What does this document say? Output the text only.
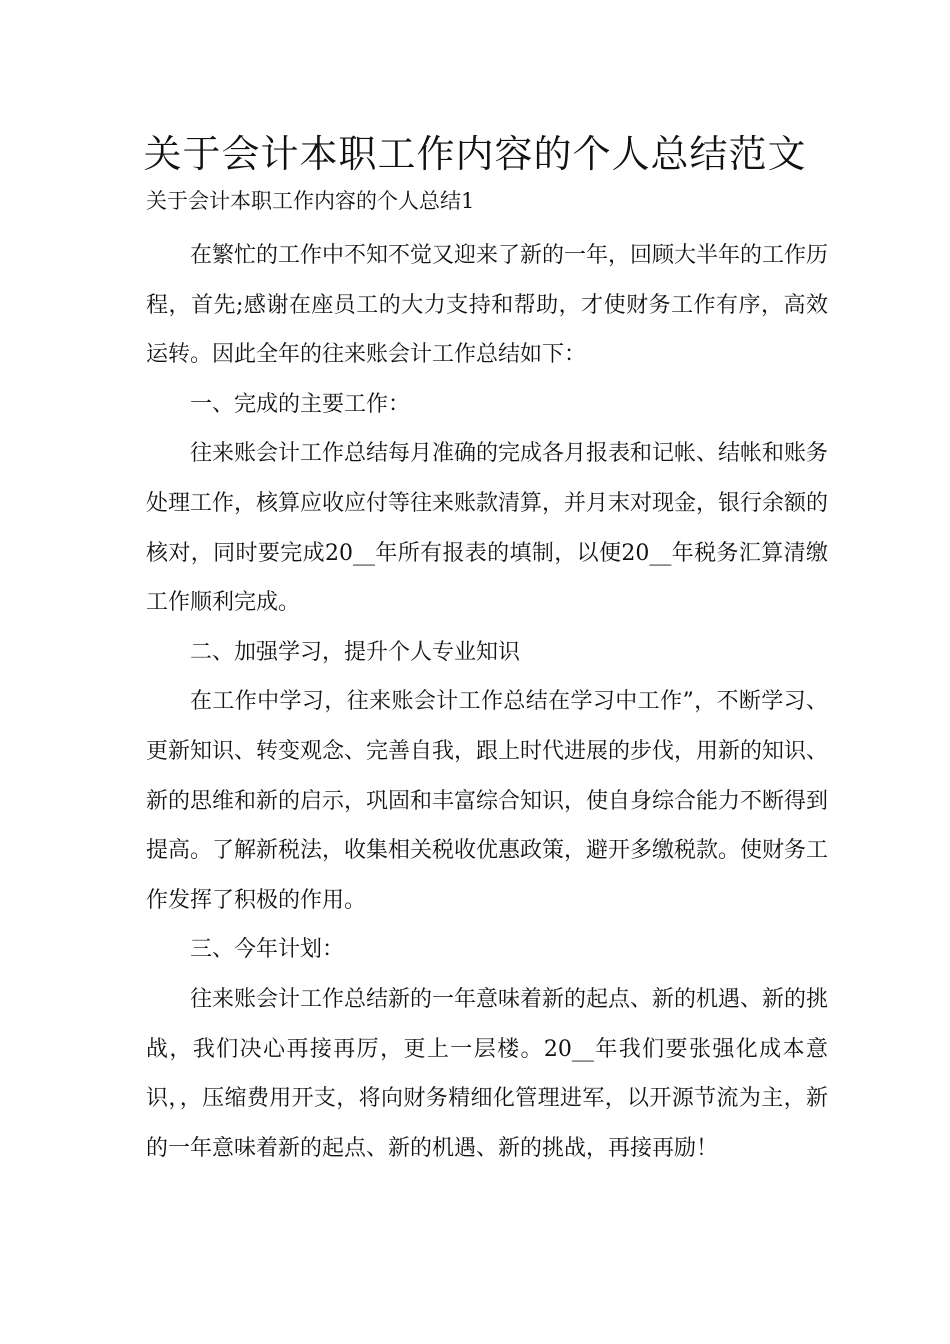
关于会计本职工作内容的个人总结范文
关于会计本职工作内容的个人总结1

在繁忙的工作中不知不觉又迎来了新的一年，回顾大半年的工作历程，首先;感谢在座员工的大力支持和帮助，才使财务工作有序，高效运转。因此全年的往来账会计工作总结如下：

一、完成的主要工作：

往来账会计工作总结每月准确的完成各月报表和记帐、结帐和账务处理工作，核算应收应付等往来账款清算，并月末对现金，银行余额的核对，同时要完成20__年所有报表的填制，以便20__年税务汇算清缴工作顺利完成。

二、加强学习，提升个人专业知识

在工作中学习，往来账会计工作总结在学习中工作”，不断学习、更新知识、转变观念、完善自我，跟上时代进展的步伐，用新的知识、新的思维和新的启示，巩固和丰富综合知识，使自身综合能力不断得到提高。了解新税法，收集相关税收优惠政策，避开多缴税款。使财务工作发挥了积极的作用。

三、今年计划：

往来账会计工作总结新的一年意味着新的起点、新的机遇、新的挑战，我们决心再接再厉，更上一层楼。20__年我们要张强化成本意识，，压缩费用开支，将向财务精细化管理进军，以开源节流为主，新的一年意味着新的起点、新的机遇、新的挑战，再接再励！
